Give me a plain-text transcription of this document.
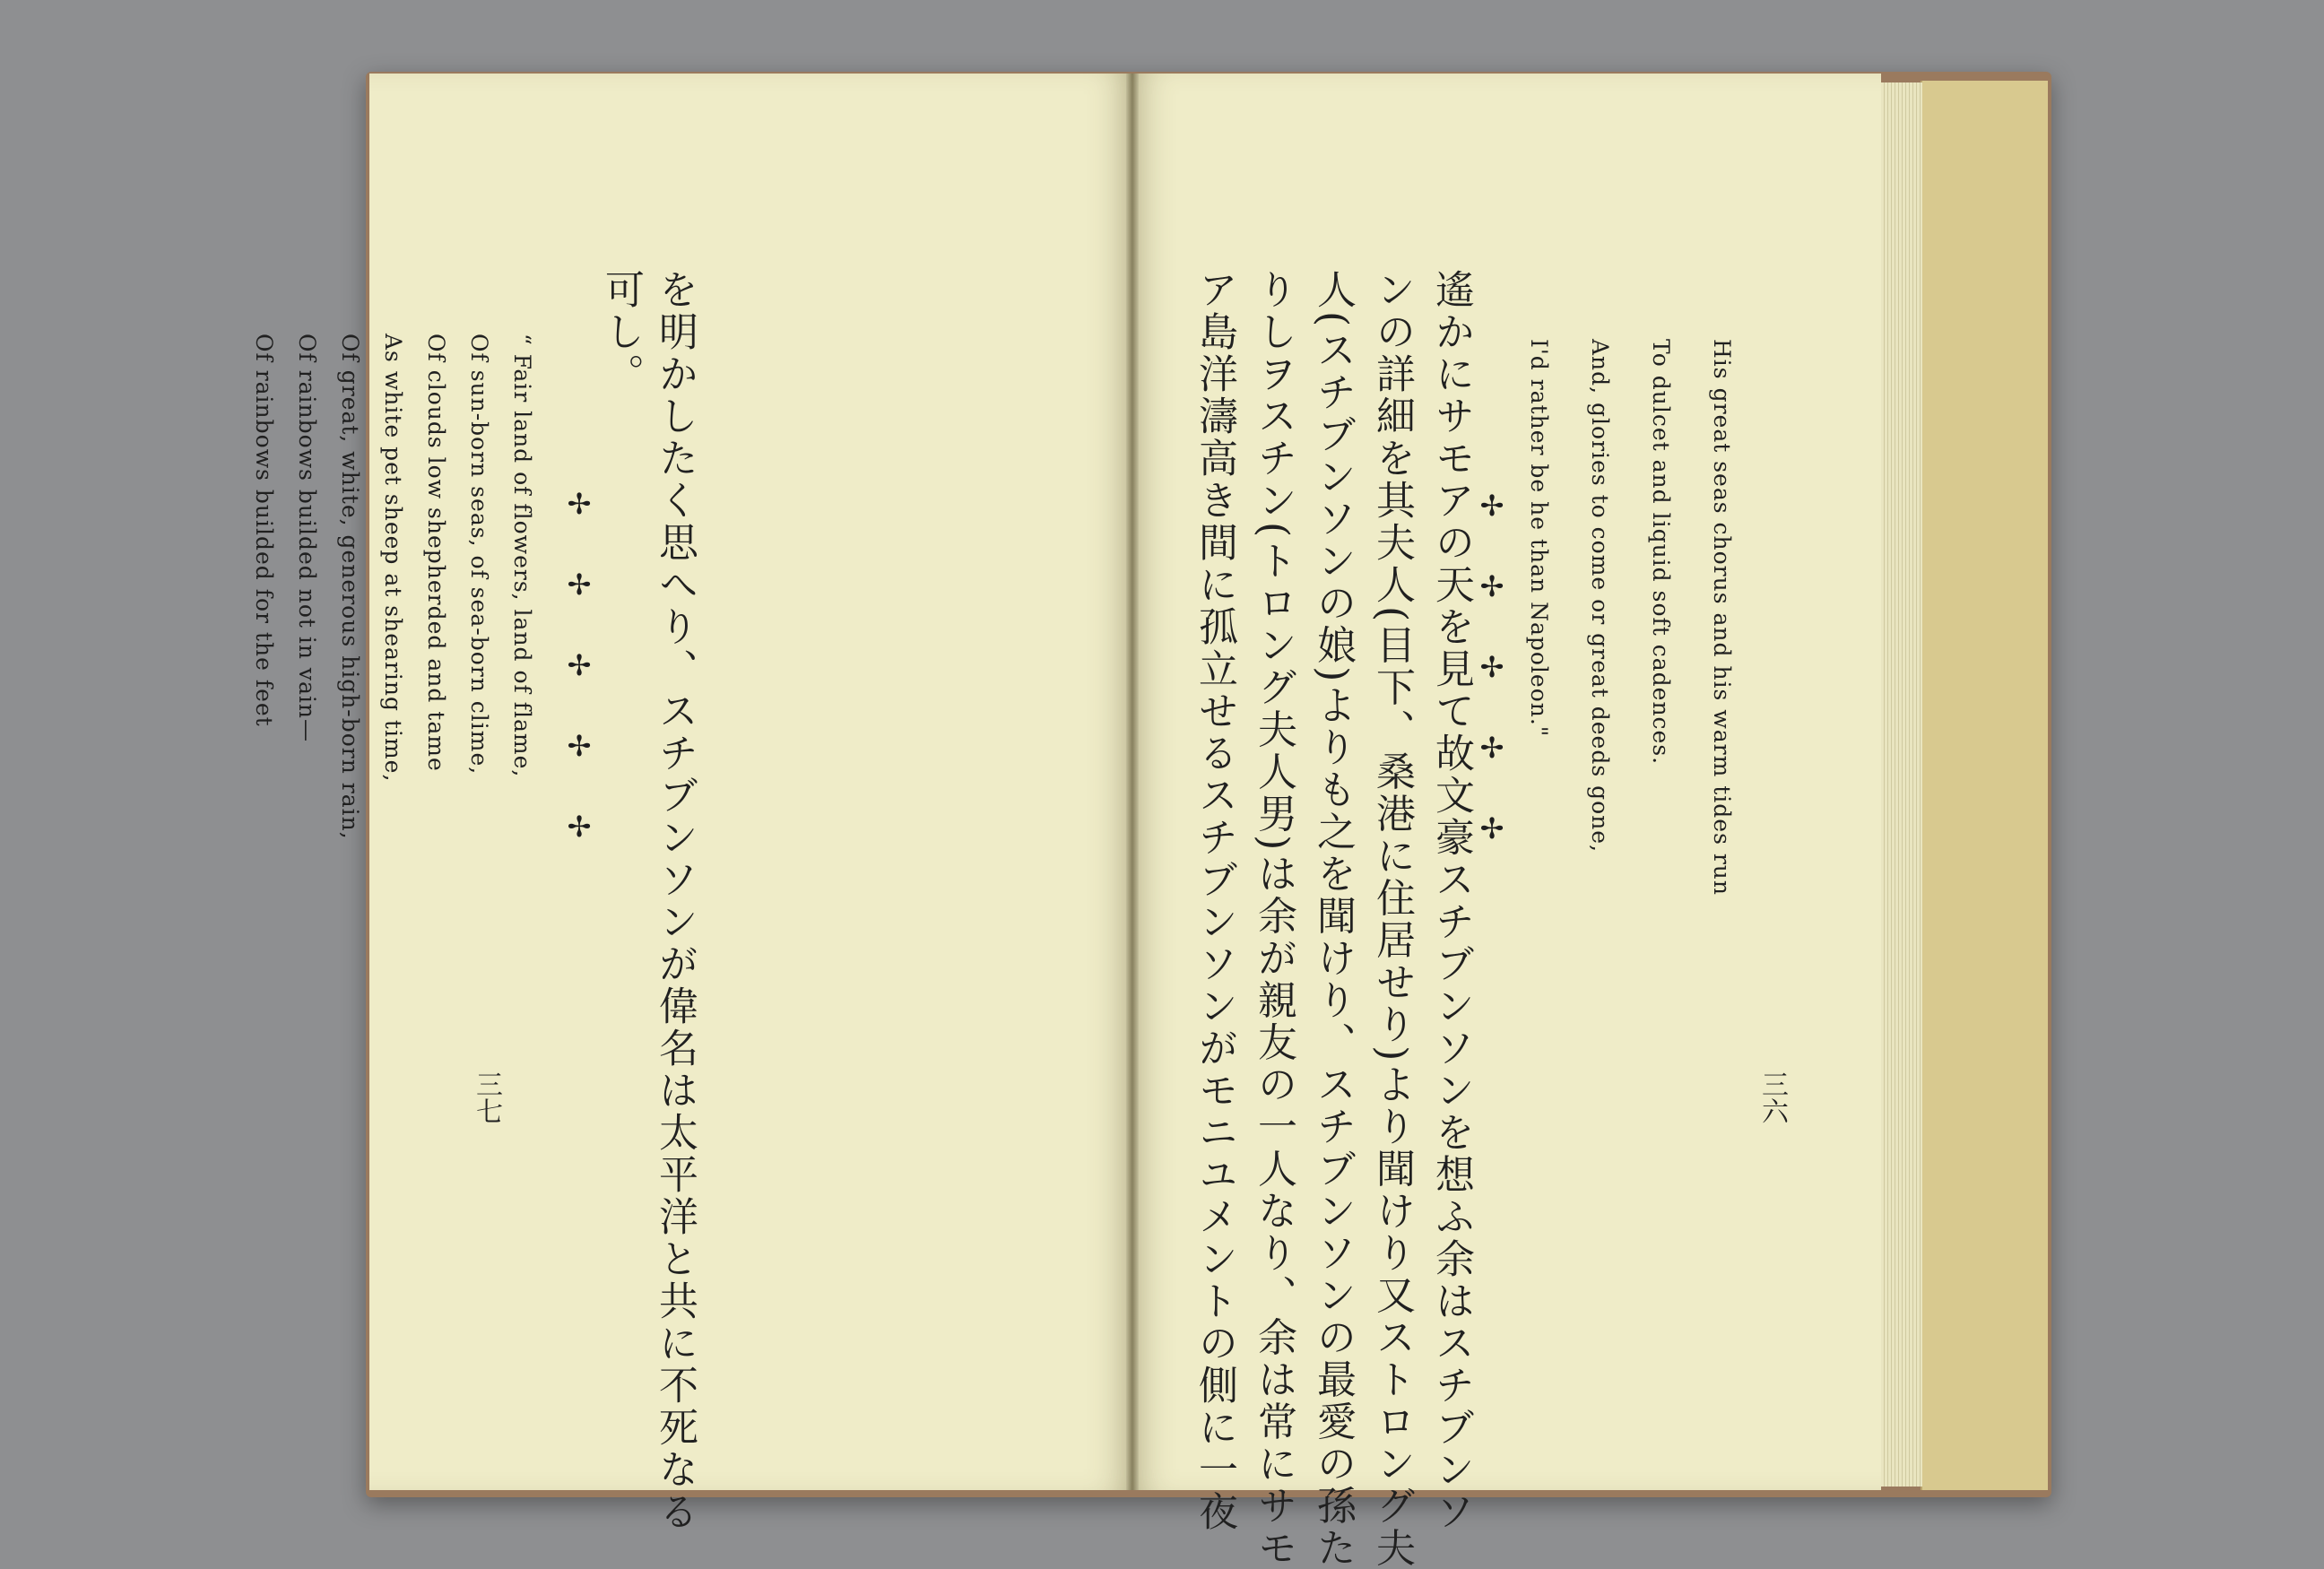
を明かしたく思へり、スチブンソンが偉名は太平洋と共に不死なる
可し。
✢
✢
✢
✢
✢
“ Fair land of flowers, land of flame,
Of sun-born seas, of sea-born clime,
Of clouds low shepherded and tame
As white pet sheep at shearing time,
Of great, white, generous high-born rain,
Of rainbows builded not in vain—
Of rainbows builded for the feet
三七
His great seas chorus and his warm tides run
To dulcet and liquid soft cadences.
And, glories to come or great deeds gone,
I'd rather be he than Napoleon."
✢
✢
✢
✢
✢
遙かにサモアの天を見て故文豪スチブンソンを想ふ余はスチブンソ
ンの詳細を其夫人(目下、桑港に住居せり)より聞けり又ストロング夫
人(スチブンソンの娘)よりも之を聞けり、スチブンソンの最愛の孫た
りしヲスチン(トロング夫人男)は余が親友の一人なり、余は常にサモ
ア島洋濤高き間に孤立せるスチブンソンがモニユメントの側に一夜	三六
